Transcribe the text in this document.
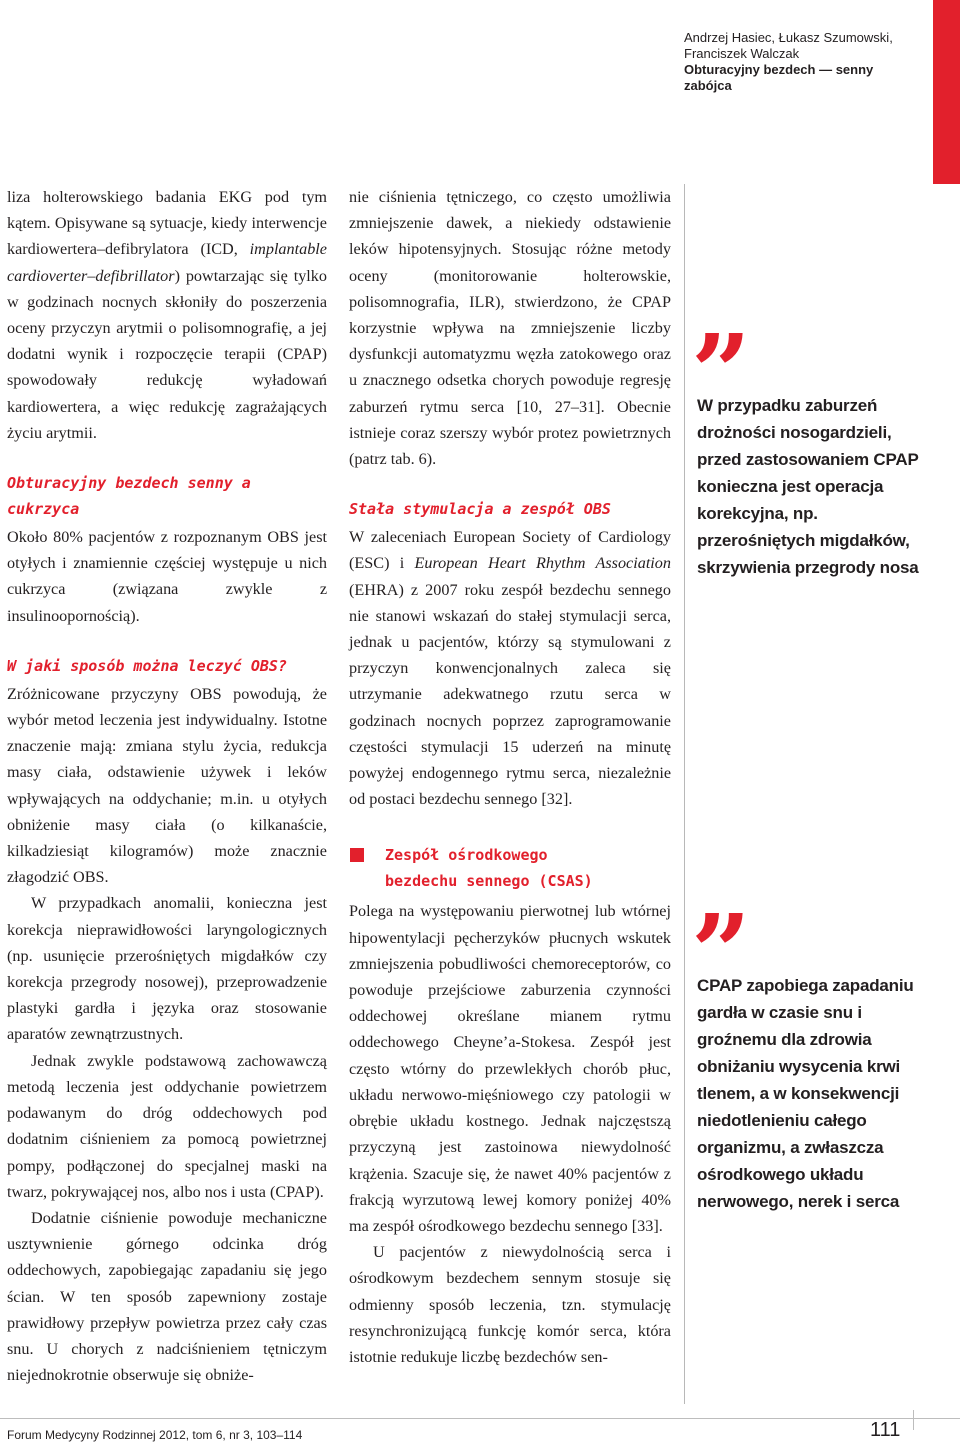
Andrzej Hasiec, Łukasz Szumowski,
Franciszek Walczak
Obturacyjny bezdech — senny zabójca

liza holterowskiego badania EKG pod tym kątem. Opisywane są sytuacje, kiedy interwencje kardiowertera–defibrylatora (ICD, implantable cardioverter–defibrillator) powtarzając się tylko w godzinach nocnych skłoniły do poszerzenia oceny przyczyn arytmii o polisomnografię, a jej dodatni wynik i rozpoczęcie terapii (CPAP) spowodowały redukcję wyładowań kardiowertera, a więc redukcję zagrażających życiu arytmii.

Obturacyjny bezdech senny a cukrzyca

Około 80% pacjentów z rozpoznanym OBS jest otyłych i znamiennie częściej występuje u nich cukrzyca (związana zwykle z insulinoopornością).

W jaki sposób można leczyć OBS?

Zróżnicowane przyczyny OBS powodują, że wybór metod leczenia jest indywidualny. Istotne znaczenie mają: zmiana stylu życia, redukcja masy ciała, odstawienie używek i leków wpływających na oddychanie; m.in. u otyłych obniżenie masy ciała (o kilkanaście, kilkadziesiąt kilogramów) może znacznie złagodzić OBS.

W przypadkach anomalii, konieczna jest korekcja nieprawidłowości laryngologicznych (np. usunięcie przerośniętych migdałków czy korekcja przegrody nosowej), przeprowadzenie plastyki gardła i języka oraz stosowanie aparatów zewnątrzustnych.

Jednak zwykle podstawową zachowawczą metodą leczenia jest oddychanie powietrzem podawanym do dróg oddechowych pod dodatnim ciśnieniem za pomocą powietrznej pompy, podłączonej do specjalnej maski na twarz, pokrywającej nos, albo nos i usta (CPAP).

Dodatnie ciśnienie powoduje mechaniczne usztywnienie górnego odcinka dróg oddechowych, zapobiegając zapadaniu się jego ścian. W ten sposób zapewniony zostaje prawidłowy przepływ powietrza przez cały czas snu. U chorych z nadciśnieniem tętniczym niejednokrotnie obserwuje się obniże-

nie ciśnienia tętniczego, co często umożliwia zmniejszenie dawek, a niekiedy odstawienie leków hipotensyjnych. Stosując różne metody oceny (monitorowanie holterowskie, polisomnografia, ILR), stwierdzono, że CPAP korzystnie wpływa na zmniejszenie liczby dysfunkcji automatyzmu węzła zatokowego oraz u znacznego odsetka chorych powoduje regresję zaburzeń rytmu serca [10, 27–31]. Obecnie istnieje coraz szerszy wybór protez powietrznych (patrz tab. 6).

Stała stymulacja a zespół OBS

W zaleceniach European Society of Cardiology (ESC) i European Heart Rhythm Association (EHRA) z 2007 roku zespół bezdechu sennego nie stanowi wskazań do stałej stymulacji serca, jednak u pacjentów, którzy są stymulowani z przyczyn konwencjonalnych zaleca się utrzymanie adekwatnego rzutu serca w godzinach nocnych poprzez zaprogramowanie częstości stymulacji 15 uderzeń na minutę powyżej endogennego rytmu serca, niezależnie od postaci bezdechu sennego [32].

Zespół ośrodkowego
bezdechu sennego (CSAS)

Polega na występowaniu pierwotnej lub wtórnej hipowentylacji pęcherzyków płucnych wskutek zmniejszenia pobudliwości chemoreceptorów, co powoduje przejściowe zaburzenia czynności oddechowej określane mianem rytmu oddechowego Cheyne’a-Stokesa. Zespół jest często wtórny do przewlekłych chorób płuc, układu nerwowo-mięśniowego czy patologii w obrębie układu kostnego. Jednak najczęstszą przyczyną jest zastoinowa niewydolność krążenia. Szacuje się, że nawet 40% pacjentów z frakcją wyrzutową lewej komory poniżej 40% ma zespół ośrodkowego bezdechu sennego [33].

U pacjentów z niewydolnością serca i ośrodkowym bezdechem sennym stosuje się odmienny sposób leczenia, tzn. stymulację resynchronizującą funkcję komór serca, która istotnie redukuje liczbę bezdechów sen-

”

W przypadku zaburzeń drożności nosogardzieli, przed zastosowaniem CPAP konieczna jest operacja korekcyjna, np. przerośniętych migdałków, skrzywienia przegrody nosa

”

CPAP zapobiega zapadaniu gardła w czasie snu i groźnemu dla zdrowia obniżaniu wysycenia krwi tlenem, a w konsekwencji niedotlenieniu całego organizmu, a zwłaszcza ośrodkowego układu nerwowego, nerek i serca

Forum Medycyny Rodzinnej 2012, tom 6, nr 3, 103–114	111
